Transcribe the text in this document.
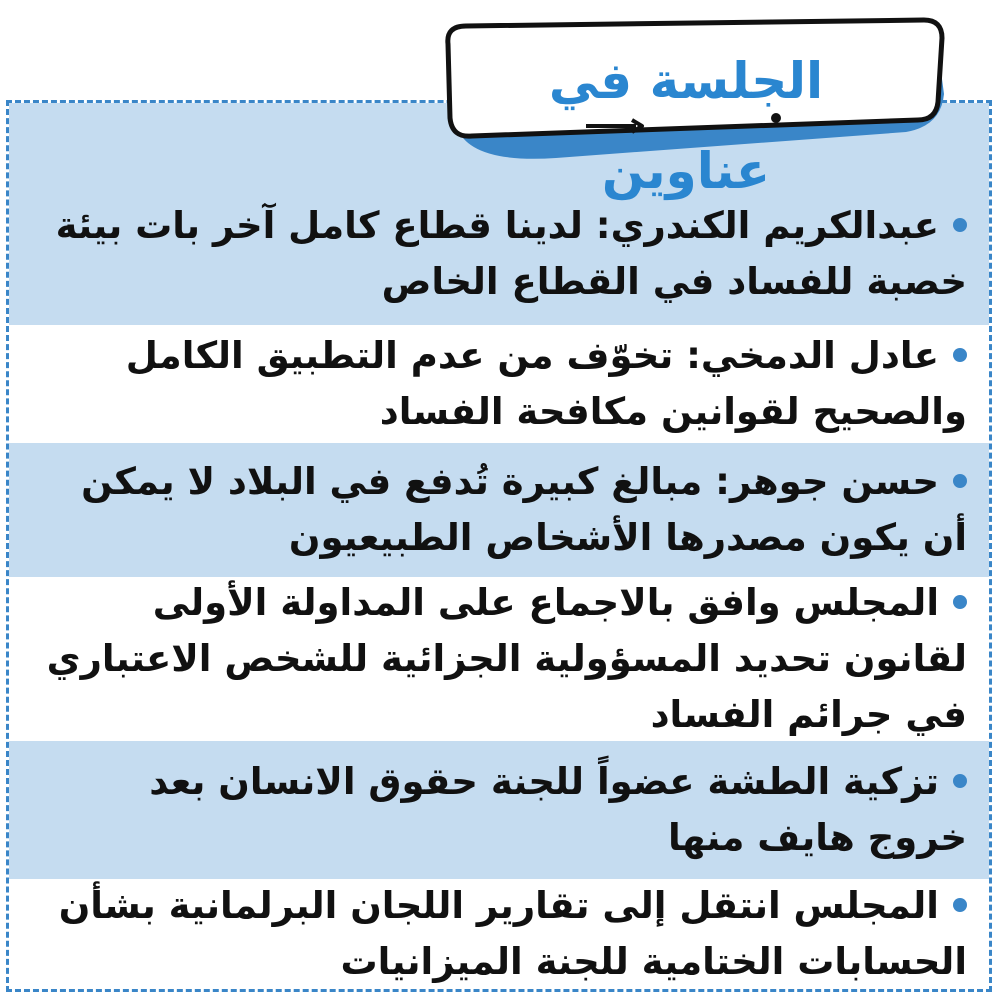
عبدالكريم الكندري: لدينا قطاع كامل آخر بات بيئة خصبة للفساد في القطاع الخاص
عادل الدمخي: تخوّف من عدم التطبيق الكامل والصحيح لقوانين مكافحة الفساد
حسن جوهر: مبالغ كبيرة تُدفع في البلاد لا يمكن أن يكون مصدرها الأشخاص الطبيعيون
المجلس وافق بالاجماع على المداولة الأولى لقانون تحديد المسؤولية الجزائية للشخص الاعتباري في جرائم الفساد
تزكية الطشة عضواً للجنة حقوق الانسان بعد خروج هايف منها
المجلس انتقل إلى تقارير اللجان البرلمانية بشأن الحسابات الختامية للجنة الميزانيات
الجلسة في عناوين
